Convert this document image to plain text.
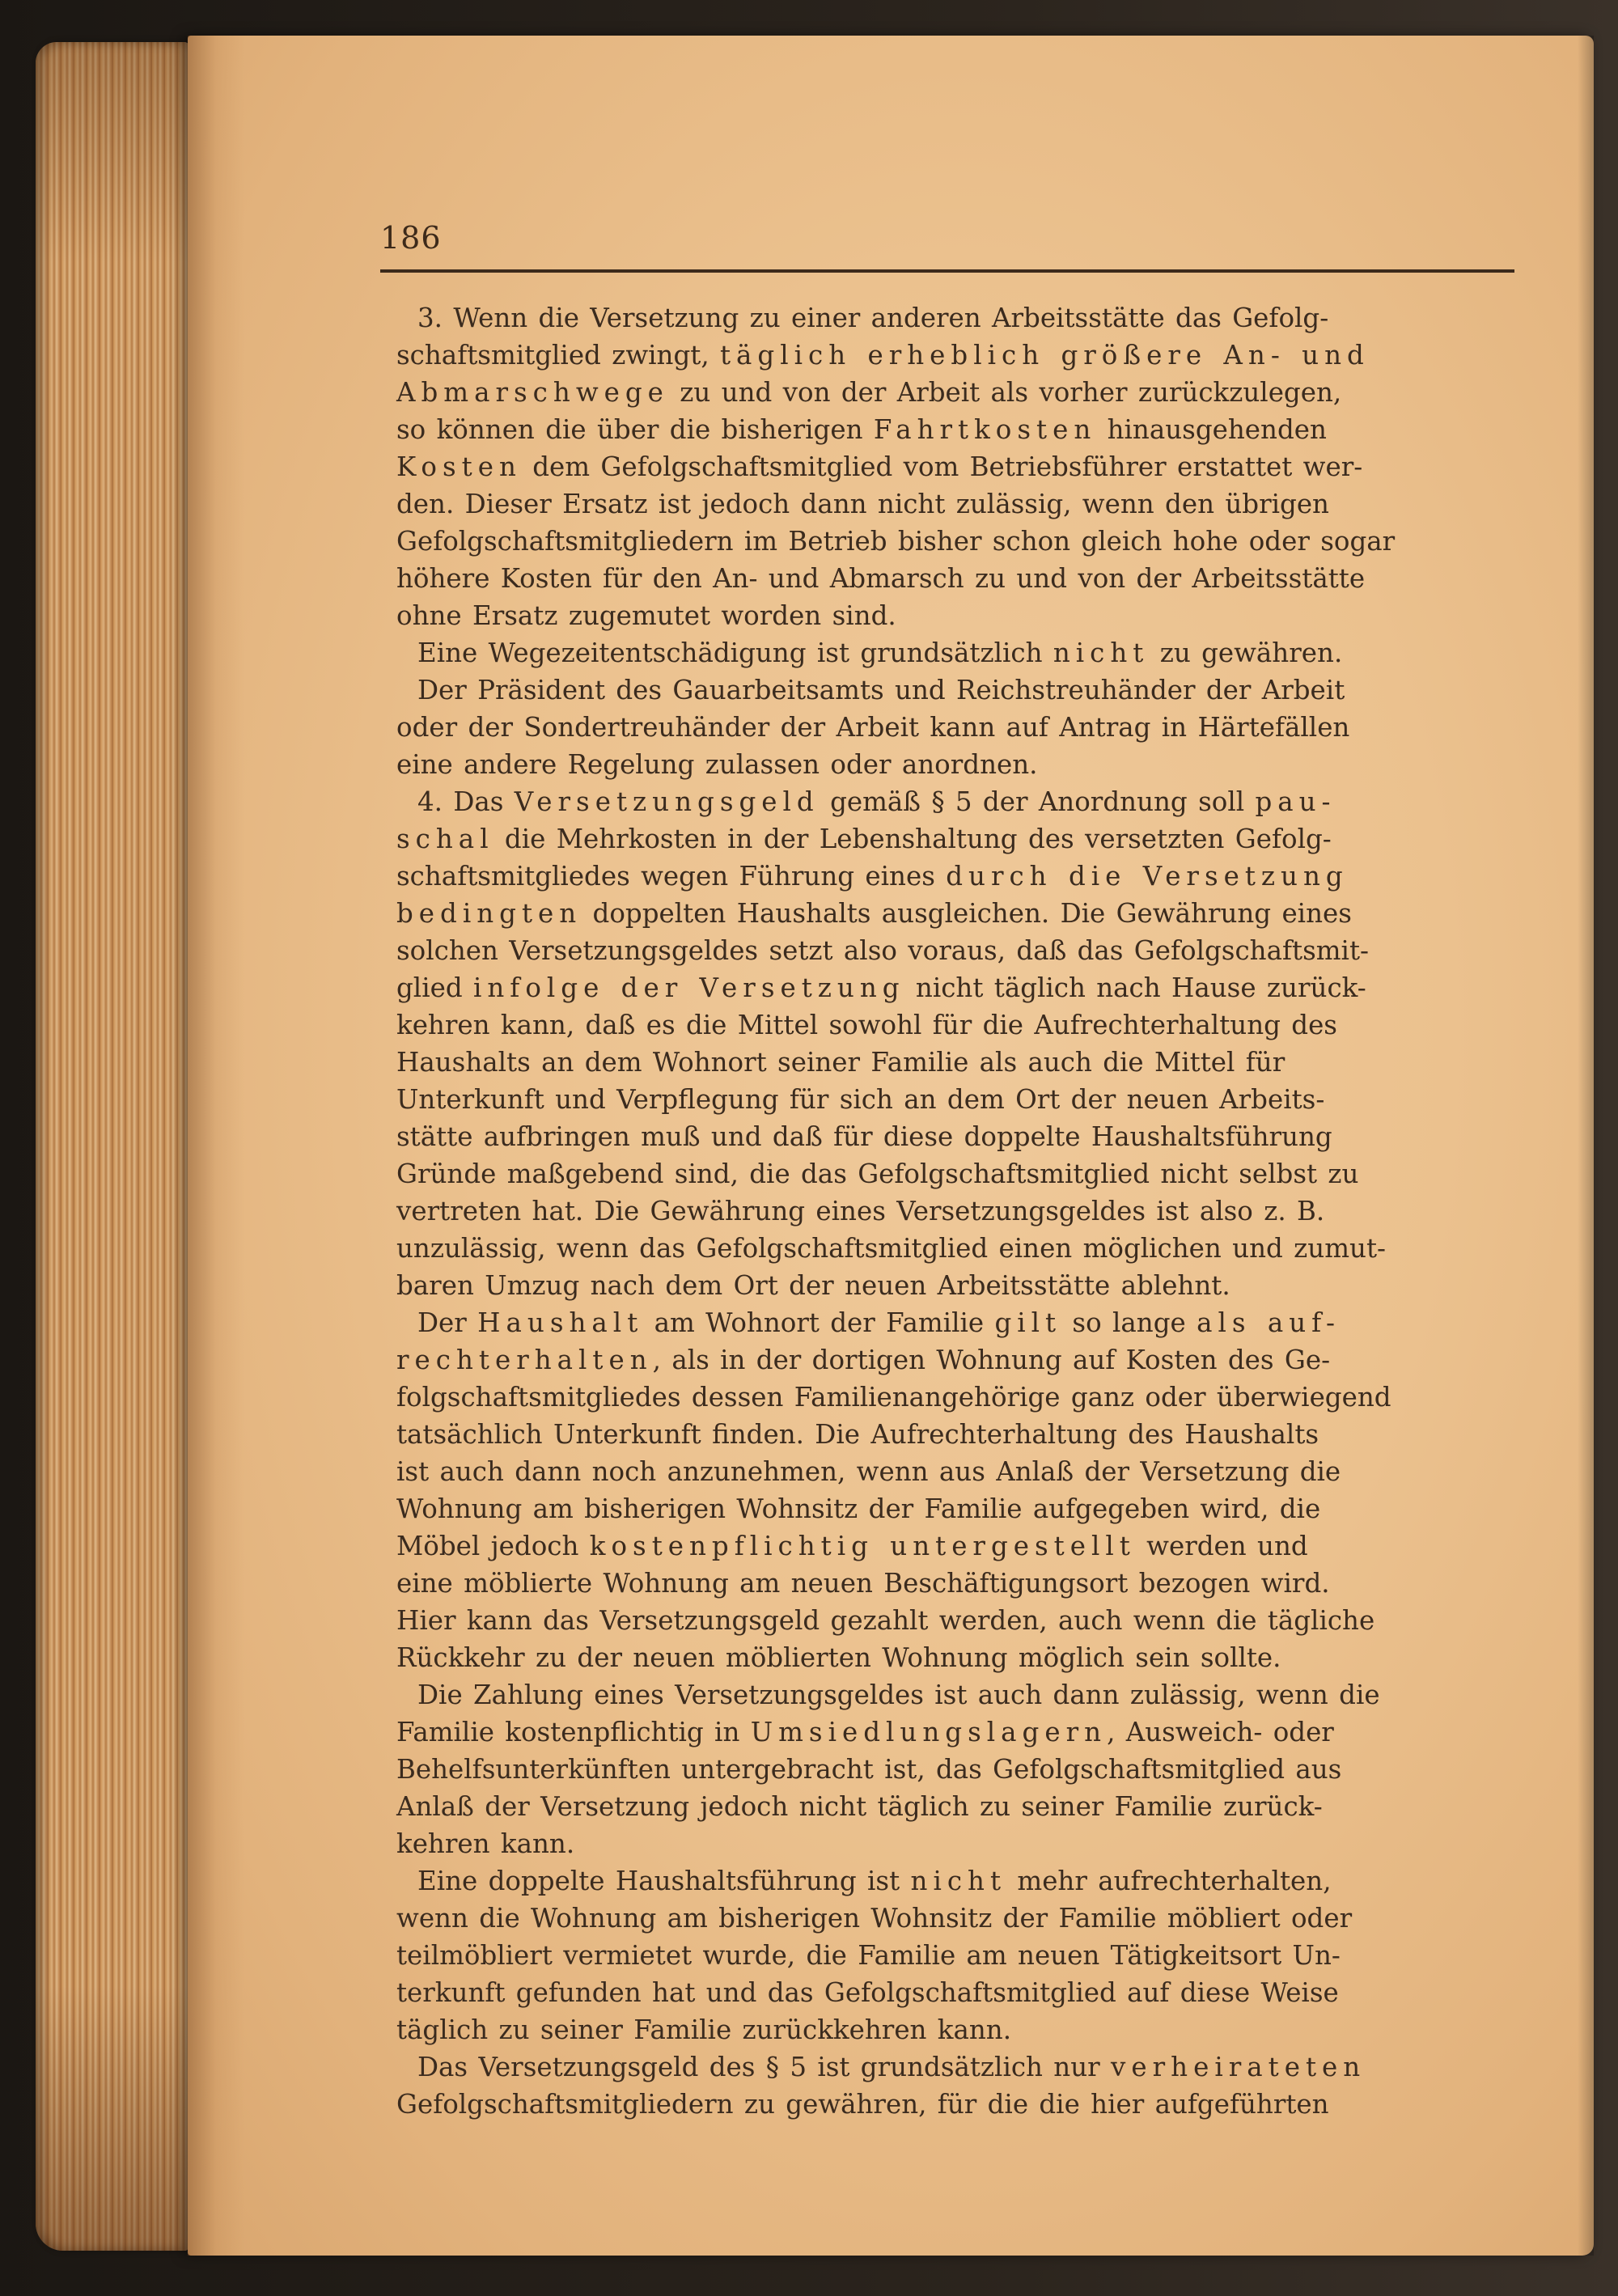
186
3. Wenn die Versetzung zu einer anderen Arbeitsstätte das Gefolg-
schaftsmitglied zwingt, täglich erheblich größere An- und
Abmarschwege zu und von der Arbeit als vorher zurückzulegen,
so können die über die bisherigen Fahrtkosten hinausgehenden
Kosten dem Gefolgschaftsmitglied vom Betriebsführer erstattet wer-
den. Dieser Ersatz ist jedoch dann nicht zulässig, wenn den übrigen
Gefolgschaftsmitgliedern im Betrieb bisher schon gleich hohe oder sogar
höhere Kosten für den An- und Abmarsch zu und von der Arbeitsstätte
ohne Ersatz zugemutet worden sind.
Eine Wegezeitentschädigung ist grundsätzlich nicht zu gewähren.
Der Präsident des Gauarbeitsamts und Reichstreuhänder der Arbeit
oder der Sondertreuhänder der Arbeit kann auf Antrag in Härtefällen
eine andere Regelung zulassen oder anordnen.
4. Das Versetzungsgeld gemäß § 5 der Anordnung soll pau-
schal die Mehrkosten in der Lebenshaltung des versetzten Gefolg-
schaftsmitgliedes wegen Führung eines durch die Versetzung
bedingten doppelten Haushalts ausgleichen. Die Gewährung eines
solchen Versetzungsgeldes setzt also voraus, daß das Gefolgschaftsmit-
glied infolge der Versetzung nicht täglich nach Hause zurück-
kehren kann, daß es die Mittel sowohl für die Aufrechterhaltung des
Haushalts an dem Wohnort seiner Familie als auch die Mittel für
Unterkunft und Verpflegung für sich an dem Ort der neuen Arbeits-
stätte aufbringen muß und daß für diese doppelte Haushaltsführung
Gründe maßgebend sind, die das Gefolgschaftsmitglied nicht selbst zu
vertreten hat. Die Gewährung eines Versetzungsgeldes ist also z. B.
unzulässig, wenn das Gefolgschaftsmitglied einen möglichen und zumut-
baren Umzug nach dem Ort der neuen Arbeitsstätte ablehnt.
Der Haushalt am Wohnort der Familie gilt so lange als auf-
rechterhalten, als in der dortigen Wohnung auf Kosten des Ge-
folgschaftsmitgliedes dessen Familienangehörige ganz oder überwiegend
tatsächlich Unterkunft finden. Die Aufrechterhaltung des Haushalts
ist auch dann noch anzunehmen, wenn aus Anlaß der Versetzung die
Wohnung am bisherigen Wohnsitz der Familie aufgegeben wird, die
Möbel jedoch kostenpflichtig untergestellt werden und
eine möblierte Wohnung am neuen Beschäftigungsort bezogen wird.
Hier kann das Versetzungsgeld gezahlt werden, auch wenn die tägliche
Rückkehr zu der neuen möblierten Wohnung möglich sein sollte.
Die Zahlung eines Versetzungsgeldes ist auch dann zulässig, wenn die
Familie kostenpflichtig in Umsiedlungslagern, Ausweich- oder
Behelfsunterkünften untergebracht ist, das Gefolgschaftsmitglied aus
Anlaß der Versetzung jedoch nicht täglich zu seiner Familie zurück-
kehren kann.
Eine doppelte Haushaltsführung ist nicht mehr aufrechterhalten,
wenn die Wohnung am bisherigen Wohnsitz der Familie möbliert oder
teilmöbliert vermietet wurde, die Familie am neuen Tätigkeitsort Un-
terkunft gefunden hat und das Gefolgschaftsmitglied auf diese Weise
täglich zu seiner Familie zurückkehren kann.
Das Versetzungsgeld des § 5 ist grundsätzlich nur verheirateten
Gefolgschaftsmitgliedern zu gewähren, für die die hier aufgeführten
